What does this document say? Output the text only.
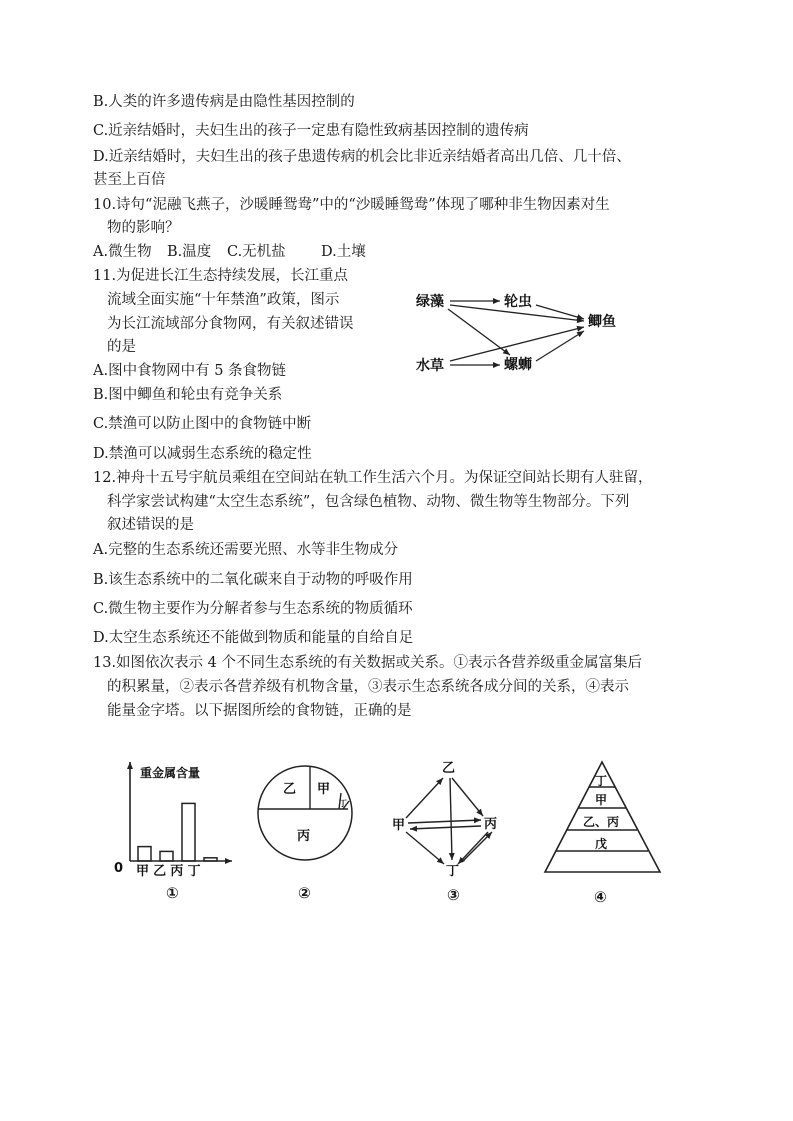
B.人类的许多遗传病是由隐性基因控制的
C.近亲结婚时，夫妇生出的孩子一定患有隐性致病基因控制的遗传病
D.近亲结婚时，夫妇生出的孩子患遗传病的机会比非近亲结婚者高出几倍、几十倍、
甚至上百倍
10.诗句“泥融飞燕子，沙暖睡鸳鸯”中的“沙暖睡鸳鸯”体现了哪种非生物因素对生
物的影响？
A.微生物 B.温度 C.无机盐 D.土壤
11.为促进长江生态持续发展，长江重点
流域全面实施“十年禁渔”政策，图示
为长江流域部分食物网，有关叙述错误
的是
A.图中食物网中有 5 条食物链
B.图中鲫鱼和轮虫有竞争关系
C.禁渔可以防止图中的食物链中断
D.禁渔可以减弱生态系统的稳定性
绿藻	轮虫
鲫鱼
水草	螺蛳
12.神舟十五号宇航员乘组在空间站在轨工作生活六个月。为保证空间站长期有人驻留，
科学家尝试构建“太空生态系统”，包含绿色植物、动物、微生物等生物部分。下列
叙述错误的是
A.完整的生态系统还需要光照、水等非生物成分
B.该生态系统中的二氧化碳来自于动物的呼吸作用
C.微生物主要作为分解者参与生态系统的物质循环
D.太空生态系统还不能做到物质和能量的自给自足
13.如图依次表示 4 个不同生态系统的有关数据或关系。①表示各营养级重金属富集后
的积累量，②表示各营养级有机物含量，③表示生态系统各成分间的关系，④表示
能量金字塔。以下据图所绘的食物链，正确的是
重金属含量
0 甲 乙 丙 丁
①
乙 甲
丁
丙
②
乙
甲	丙
丁
③
丁
甲
乙、丙
戊
④
